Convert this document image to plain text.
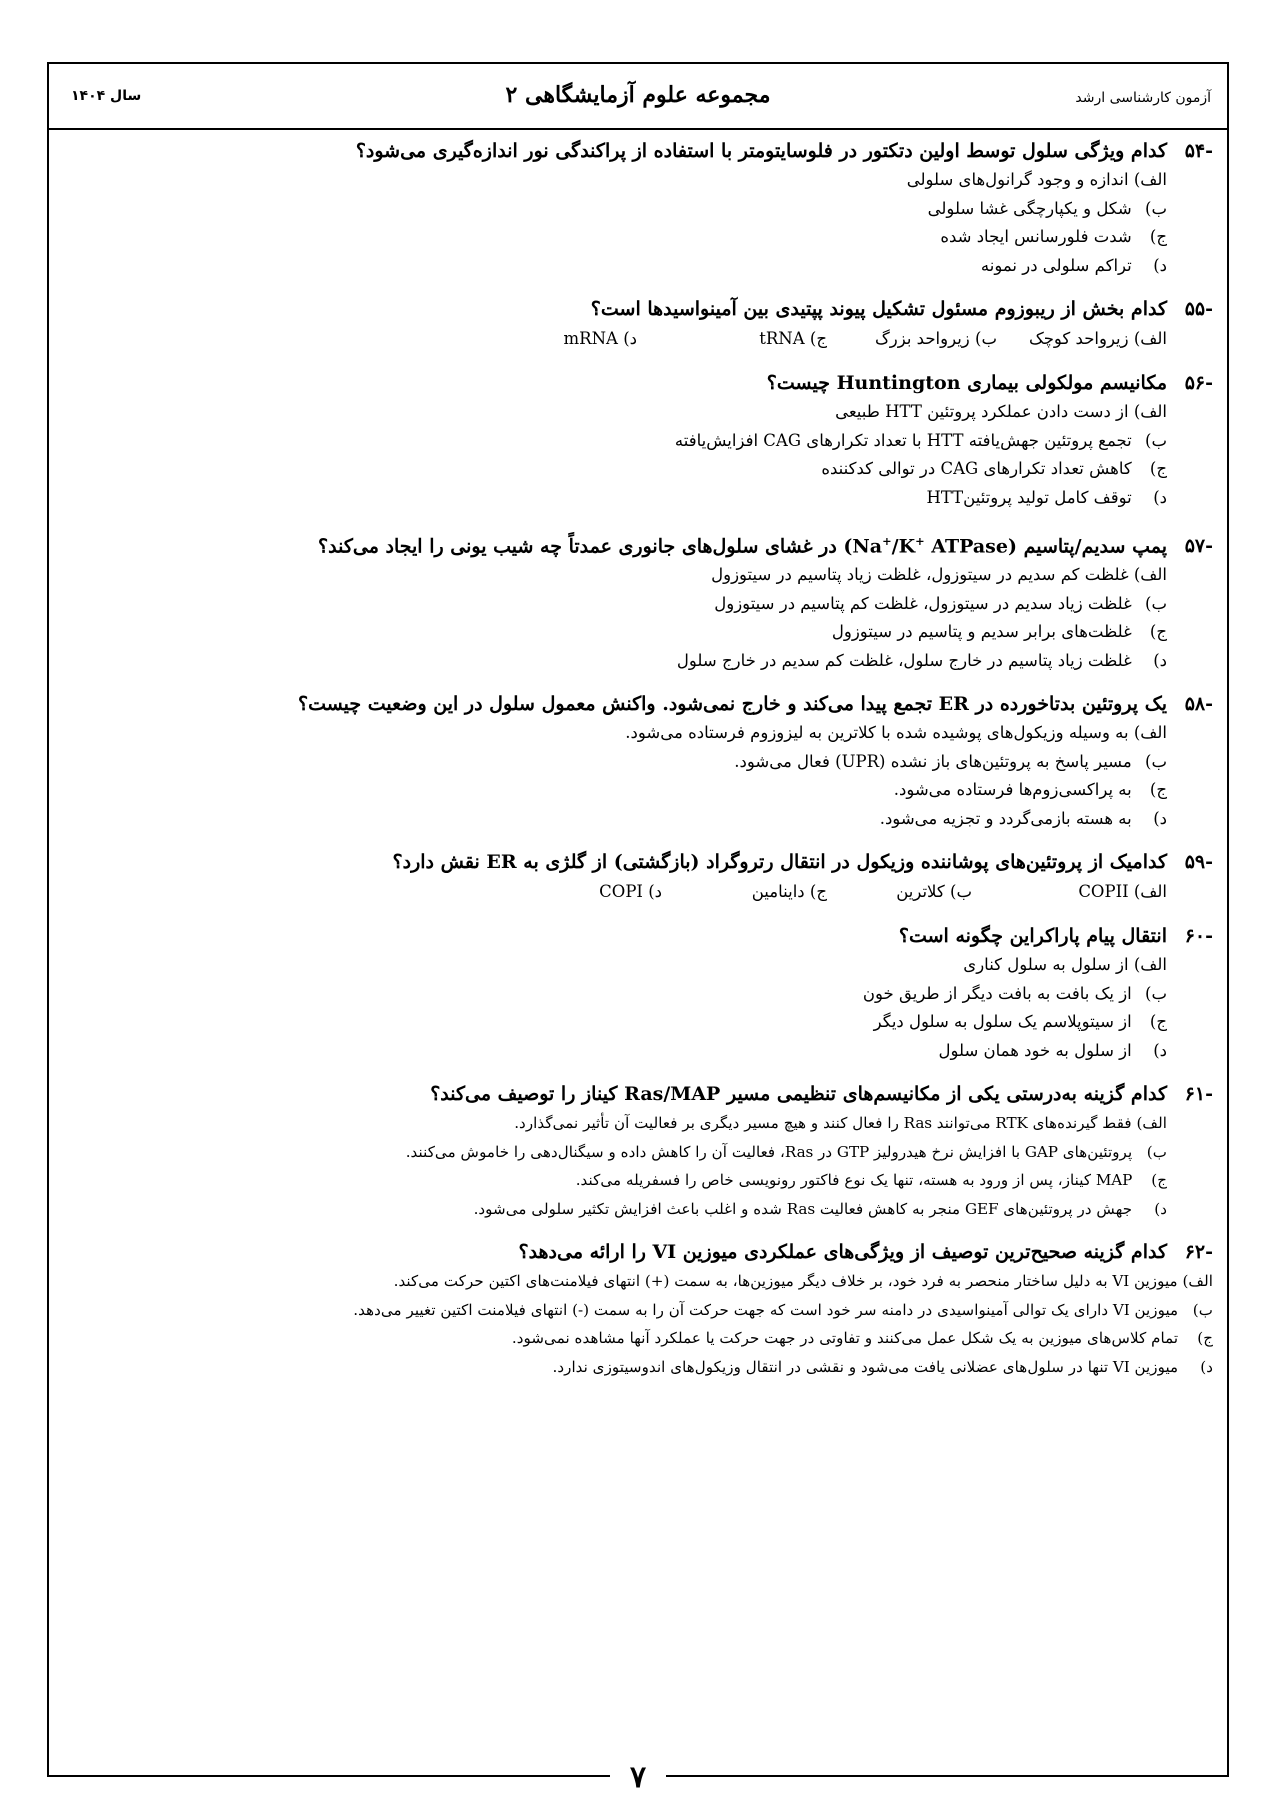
آزمون کارشناسی ارشد
مجموعه علوم آزمایشگاهی ۲
سال ۱۴۰۴
-۵۴
کدام ویژگی سلول توسط اولین دتکتور در فلوسایتومتر با استفاده از پراکندگی نور اندازه‌گیری می‌شود؟
الف) اندازه و وجود گرانول‌های سلولی
ب) شکل و یکپارچگی غشا سلولی
ج) شدت فلورسانس ایجاد شده
د) تراکم سلولی در نمونه
-۵۵
کدام بخش از ریبوزوم مسئول تشکیل پیوند پپتیدی بین آمینواسیدها است؟
الف) زیرواحد کوچک
ب) زیرواحد بزرگ
ج) tRNA
د) mRNA
-۵۶
مکانیسم مولکولی بیماری Huntington چیست؟
الف) از دست دادن عملکرد پروتئین HTT طبیعی
ب) تجمع پروتئین جهش‌یافته HTT با تعداد تکرارهای CAG افزایش‌یافته
ج) کاهش تعداد تکرارهای CAG در توالی کدکننده
د) توقف کامل تولید پروتئینHTT
-۵۷
پمپ سدیم/پتاسیم (Na+/K+ ATPase) در غشای سلول‌های جانوری عمدتاً چه شیب یونی را ایجاد می‌کند؟
الف) غلظت کم سدیم در سیتوزول، غلظت زیاد پتاسیم در سیتوزول
ب) غلظت زیاد سدیم در سیتوزول، غلظت کم پتاسیم در سیتوزول
ج) غلظت‌های برابر سدیم و پتاسیم در سیتوزول
د) غلظت زیاد پتاسیم در خارج سلول، غلظت کم سدیم در خارج سلول
-۵۸
یک پروتئین بدتاخورده در ER تجمع پیدا می‌کند و خارج نمی‌شود. واکنش معمول سلول در این وضعیت چیست؟
الف) به وسیله وزیکول‌های پوشیده شده با کلاترین به لیزوزوم فرستاده می‌شود.
ب) مسیر پاسخ به پروتئین‌های باز نشده (UPR) فعال می‌شود.
ج) به پراکسی‌زوم‌ها فرستاده می‌شود.
د) به هسته بازمی‌گردد و تجزیه می‌شود.
-۵۹
کدامیک از پروتئین‌های پوشاننده وزیکول در انتقال رتروگراد (بازگشتی) از گلژی به ER نقش دارد؟
الف) COPII
ب) کلاترین
ج) داینامین
د) COPI
-۶۰
انتقال پیام پاراکراین چگونه است؟
الف) از سلول به سلول کناری
ب) از یک بافت به بافت دیگر از طریق خون
ج) از سیتوپلاسم یک سلول به سلول دیگر
د) از سلول به خود همان سلول
-۶۱
کدام گزینه به‌درستی یکی از مکانیسم‌های تنظیمی مسیر Ras/MAP کیناز را توصیف می‌کند؟
الف) فقط گیرنده‌های RTK می‌توانند Ras را فعال کنند و هیچ مسیر دیگری بر فعالیت آن تأثیر نمی‌گذارد.
ب) پروتئین‌های GAP با افزایش نرخ هیدرولیز GTP در Ras، فعالیت آن را کاهش داده و سیگنال‌دهی را خاموش می‌کنند.
ج) MAP کیناز، پس از ورود به هسته، تنها یک نوع فاکتور رونویسی خاص را فسفریله می‌کند.
د) جهش در پروتئین‌های GEF منجر به کاهش فعالیت Ras شده و اغلب باعث افزایش تکثیر سلولی می‌شود.
-۶۲
کدام گزینه صحیح‌ترین توصیف از ویژگی‌های عملکردی میوزین VI را ارائه می‌دهد؟
الف) میوزین VI به دلیل ساختار منحصر به فرد خود، بر خلاف دیگر میوزین‌ها، به سمت (+) انتهای فیلامنت‌های اکتین حرکت می‌کند.
ب) میوزین VI دارای یک توالی آمینواسیدی در دامنه سر خود است که جهت حرکت آن را به سمت (-) انتهای فیلامنت اکتین تغییر می‌دهد.
ج) تمام کلاس‌های میوزین به یک شکل عمل می‌کنند و تفاوتی در جهت حرکت یا عملکرد آنها مشاهده نمی‌شود.
د) میوزین VI تنها در سلول‌های عضلانی یافت می‌شود و نقشی در انتقال وزیکول‌های اندوسیتوزی ندارد.
۷
